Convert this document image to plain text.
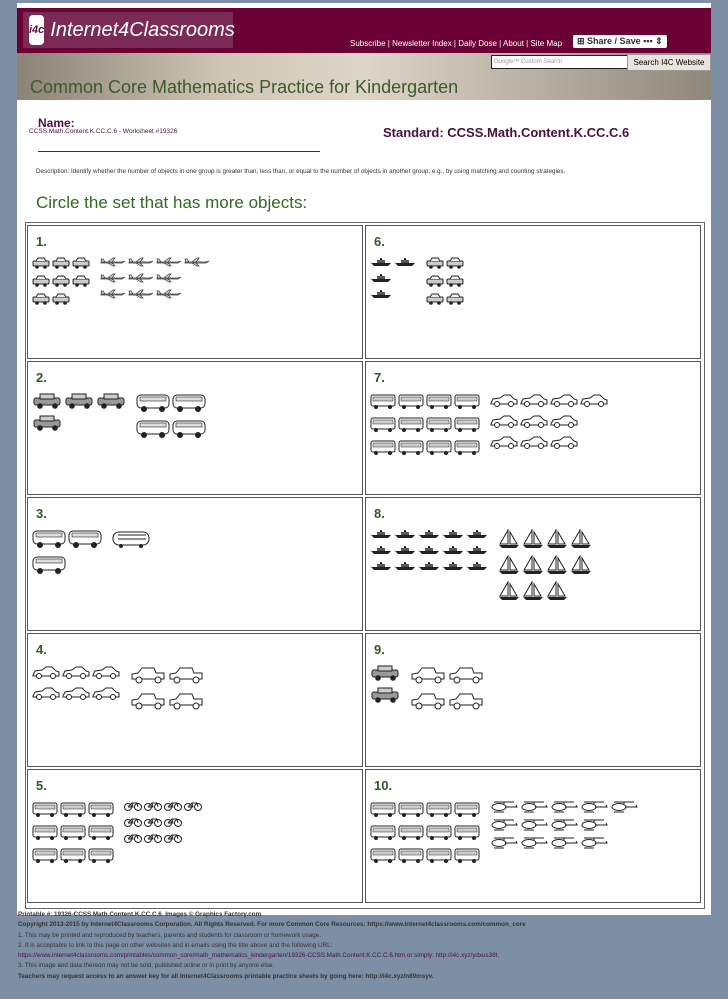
i4c Internet4Classrooms
Subscribe | Newsletter Index | Daily Dose | About | Site Map	⊞ Share / Save ▪▪▪ ⇕
Google™ Custom Search	Search I4C Website
Common Core Mathematics Practice for Kindergarten
Name:
CCSS.Math.Content.K.CC.C.6 - Worksheet #19326	Standard: CCSS.Math.Content.K.CC.C.6
Description: Identify whether the number of objects in one group is greater than, less than, or equal to the number of objects in another group, e.g., by using matching and counting strategies.
Circle the set that has more objects:
1.	6.
2.	7.
3.	8.
4.	9.
5.	10.
Printable #: 19326-CCSS.Math.Content.K.CC.C.6. Images © Graphics Factory.com
Copyright 2013-2015 by Internet4Classrooms Corporation. All Rights Reserved. For more Common Core Resources: https://www.internet4classrooms.com/common_core
1. This may be printed and reproduced by teachers, parents and students for classroom or homework usage.
2. It is acceptable to link to this page on other websites and in emails using the title above and the following URL:
https://www.internet4classrooms.com/printables/common_core/math_mathematics_kindergarten/19326-CCSS.Math.Content.K.CC.C.6.htm or simply: http://i4c.xyz/ydxus38t.
3. This image and data thereon may not be sold, published online or in print by anyone else.
Teachers may request access to an answer key for all Internet4Classrooms printable practice sheets by going here: http://i4c.xyz/n89msyv.
